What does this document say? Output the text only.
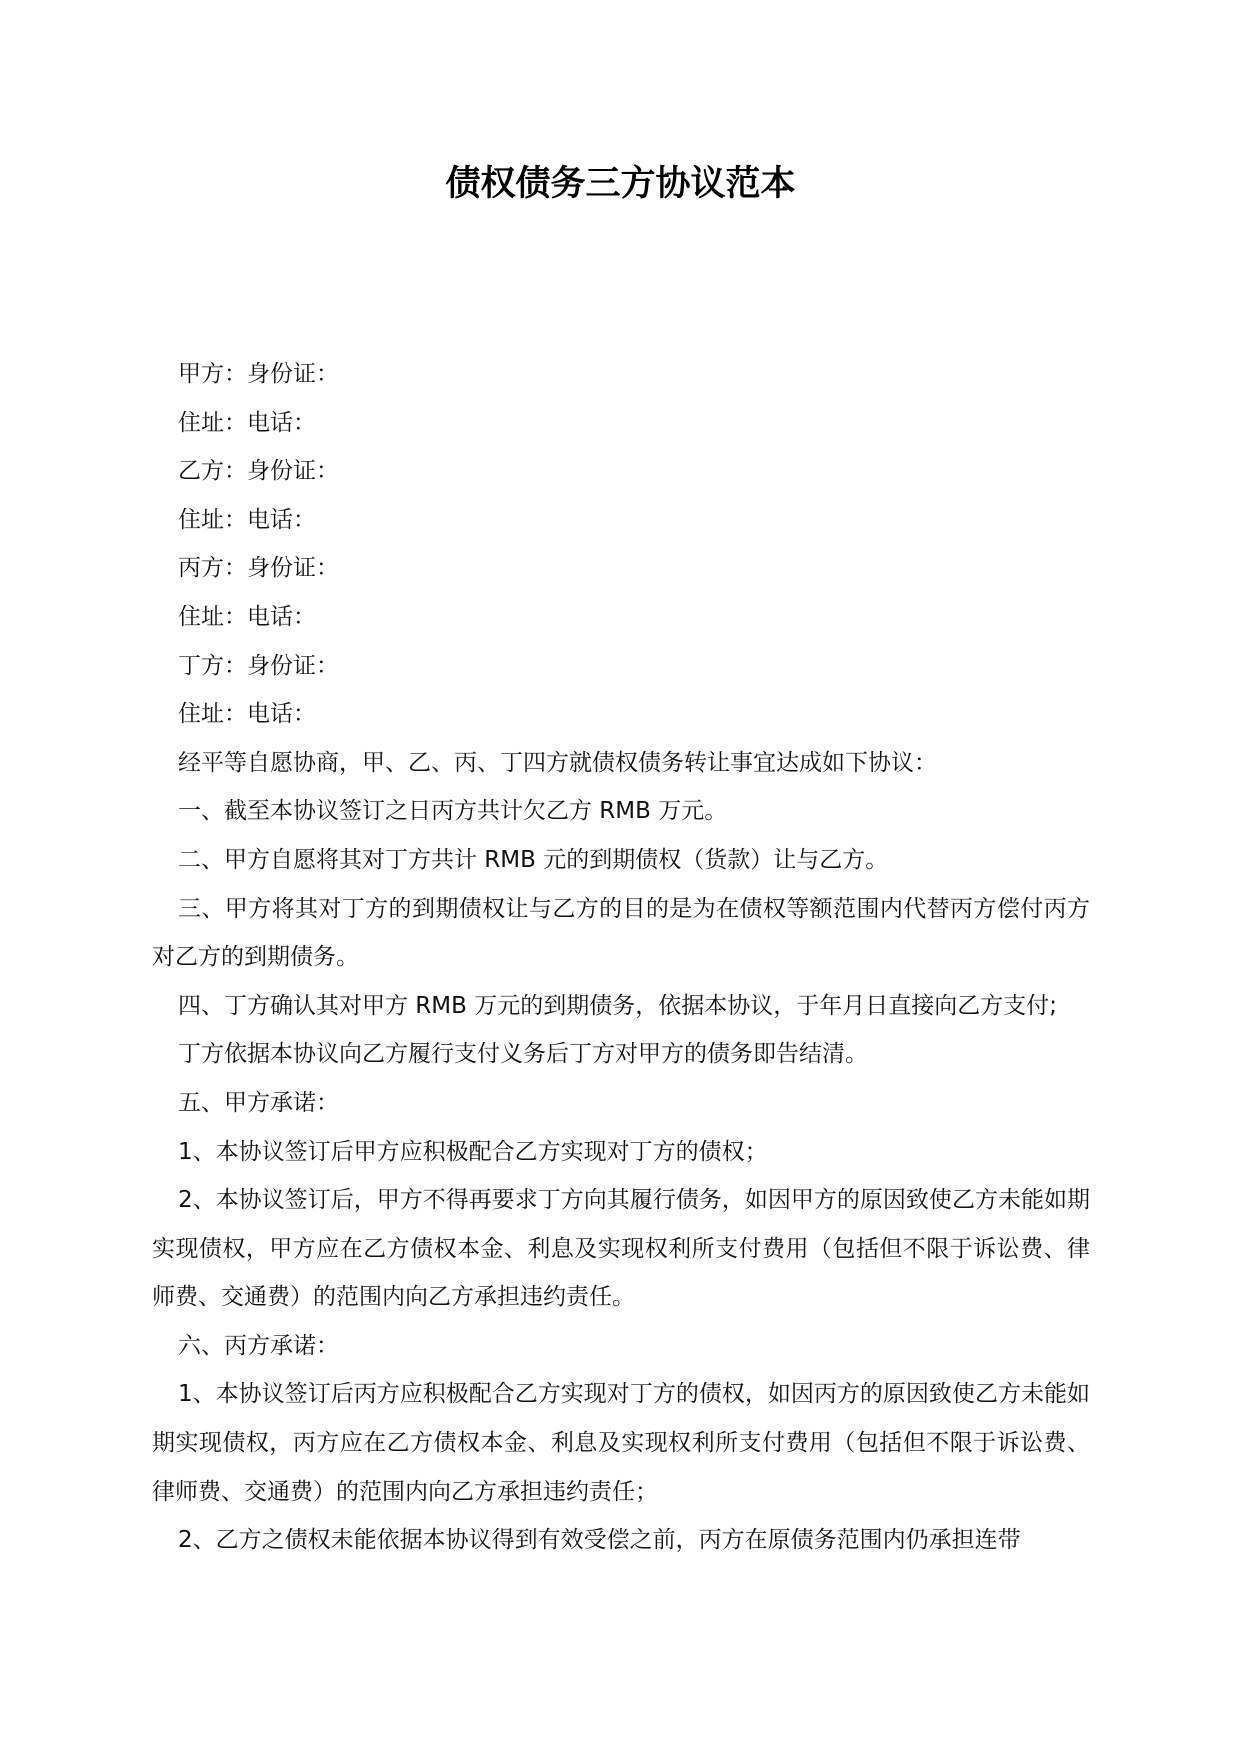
债权债务三方协议范本

甲方：身份证：

住址：电话：

乙方：身份证：

住址：电话：

丙方：身份证：

住址：电话：

丁方：身份证：

住址：电话：

经平等自愿协商，甲、乙、丙、丁四方就债权债务转让事宜达成如下协议：

一、截至本协议签订之日丙方共计欠乙方 RMB 万元。

二、甲方自愿将其对丁方共计 RMB 元的到期债权（货款）让与乙方。

三、甲方将其对丁方的到期债权让与乙方的目的是为在债权等额范围内代替丙方偿付丙方对乙方的到期债务。

四、丁方确认其对甲方 RMB 万元的到期债务，依据本协议，于年月日直接向乙方支付;

丁方依据本协议向乙方履行支付义务后丁方对甲方的债务即告结清。

五、甲方承诺：

1、本协议签订后甲方应积极配合乙方实现对丁方的债权；

2、本协议签订后，甲方不得再要求丁方向其履行债务，如因甲方的原因致使乙方未能如期实现债权，甲方应在乙方债权本金、利息及实现权利所支付费用（包括但不限于诉讼费、律师费、交通费）的范围内向乙方承担违约责任。

六、丙方承诺：

1、本协议签订后丙方应积极配合乙方实现对丁方的债权，如因丙方的原因致使乙方未能如期实现债权，丙方应在乙方债权本金、利息及实现权利所支付费用（包括但不限于诉讼费、律师费、交通费）的范围内向乙方承担违约责任；

2、乙方之债权未能依据本协议得到有效受偿之前，丙方在原债务范围内仍承担连带
